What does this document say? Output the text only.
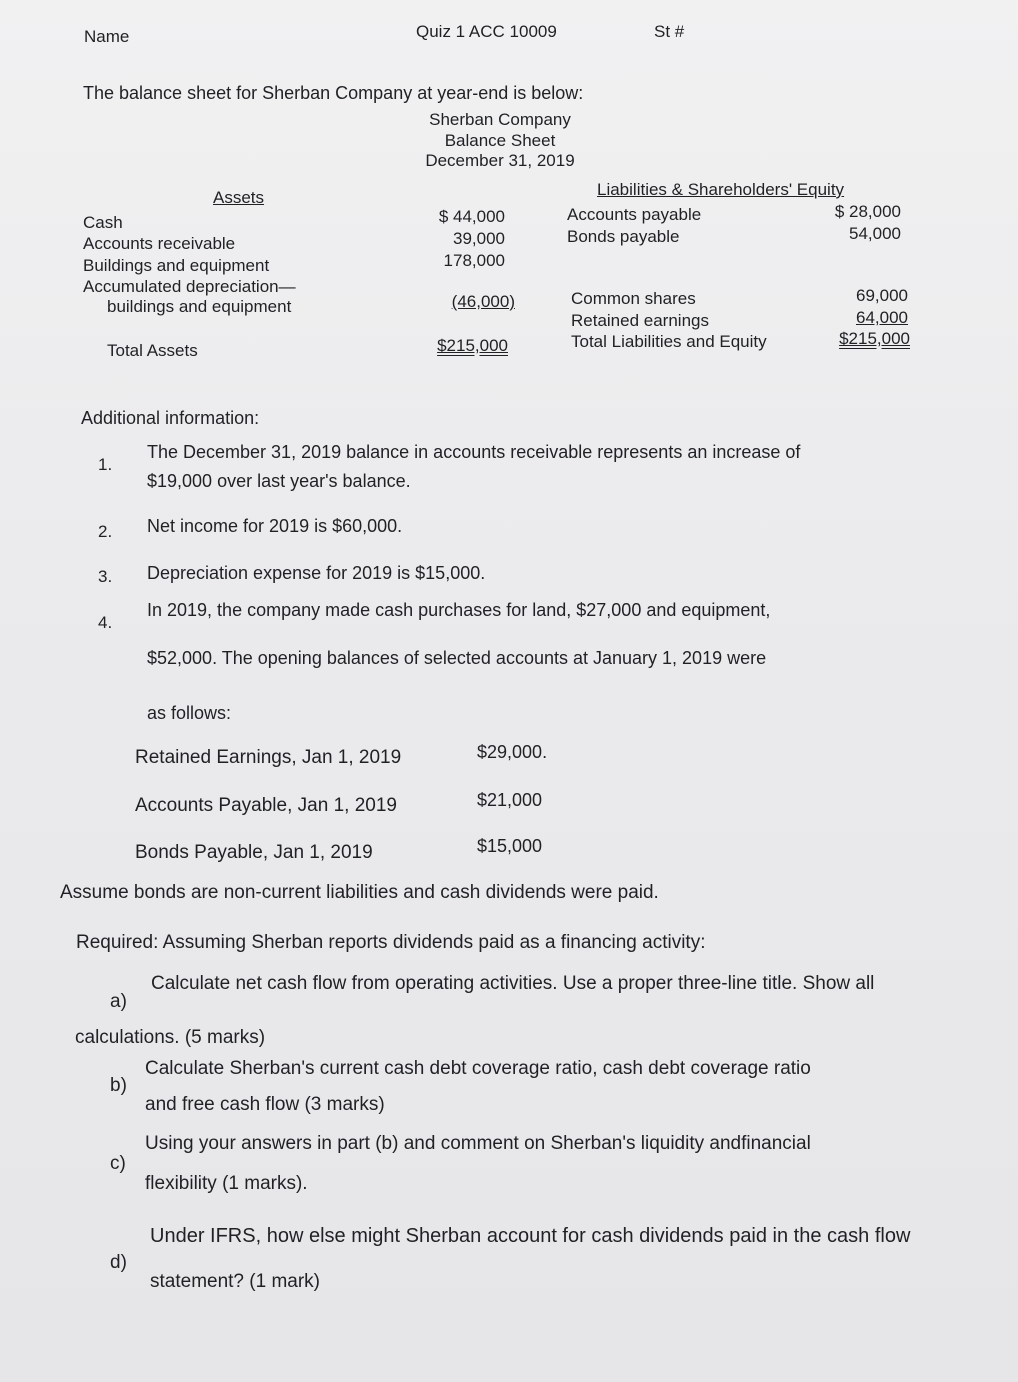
Name	Quiz 1 ACC 10009	St #
The balance sheet for Sherban Company at year-end is below:
Sherban Company
Balance Sheet
December 31, 2019
Assets
Cash	$ 44,000
Accounts receivable	39,000
Buildings and equipment	178,000
Accumulated depreciation—
buildings and equipment	(46,000)
Total Assets	$215,000
Liabilities & Shareholders' Equity
Accounts payable	$ 28,000
Bonds payable	54,000
Common shares	69,000
Retained earnings	64,000
Total Liabilities and Equity	$215,000
Additional information:
1.
The December 31, 2019 balance in accounts receivable represents an increase of
$19,000 over last year's balance.
2. Net income for 2019 is $60,000.
3. Depreciation expense for 2019 is $15,000.
4.
In 2019, the company made cash purchases for land, $27,000 and equipment,
$52,000. The opening balances of selected accounts at January 1, 2019 were
as follows:
Retained Earnings, Jan 1, 2019	$29,000.
Accounts Payable, Jan 1, 2019	$21,000
Bonds Payable, Jan 1, 2019	$15,000
Assume bonds are non-current liabilities and cash dividends were paid.
Required: Assuming Sherban reports dividends paid as a financing activity:
a)
Calculate net cash flow from operating activities. Use a proper three-line title. Show all
calculations. (5 marks)
b)
Calculate Sherban's current cash debt coverage ratio, cash debt coverage ratio
and free cash flow (3 marks)
c)
Using your answers in part (b) and comment on Sherban's liquidity andfinancial
flexibility (1 marks).
d)
Under IFRS, how else might Sherban account for cash dividends paid in the cash flow
statement? (1 mark)
